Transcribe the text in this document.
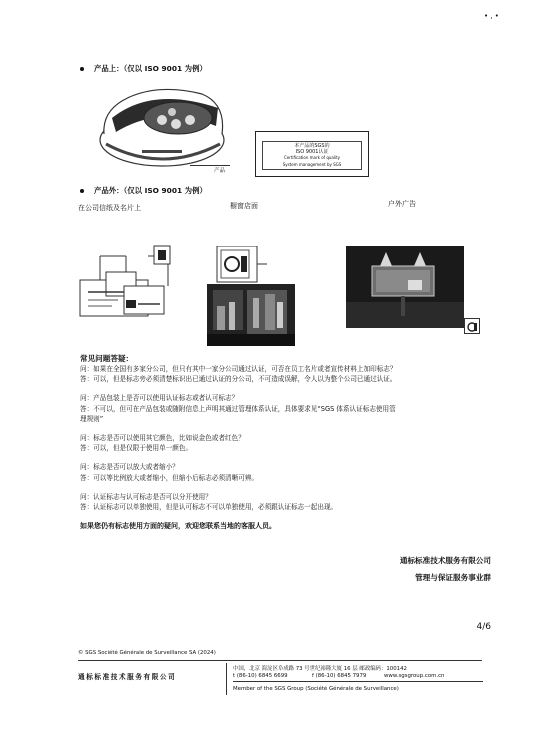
• ‚ •
产品上：（仅以 ISO 9001 为例）
产品
本产品的SGS的
ISO 9001认证
Certification mark of quality
System management by SGS
产品外：（仅以 ISO 9001 为例）
在公司信纸及名片上	橱窗店面	户外广告
常见问题答疑：
问：如果在全国有多家分公司，但只有其中一家分公司通过认证，可否在员工名片或者宣传材料上加印标志？
答：可以，但是标志旁必须清楚标识出已通过认证的分公司，不可造成误解，令人以为整个公司已通过认证。
问：产品包装上是否可以使用认证标志或者认可标志？
答：不可以，但可在产品包装或随附信息上声明其通过管理体系认证，具体要求见“SGS 体系认证标志使用管
理规则”
问：标志是否可以使用其它颜色，比如说金色或者红色？
答：可以，但是仅限于使用单一颜色。
问：标志是否可以放大或者缩小？
答：可以等比例放大或者缩小，但缩小后标志必须清晰可辨。
问：认证标志与认可标志是否可以分开使用？
答：认证标志可以单独使用，但是认可标志不可以单独使用，必须跟认证标志一起出现。
如果您仍有标志使用方面的疑问，欢迎您联系当地的客服人员。
通标标准技术服务有限公司
管理与保证服务事业群
4/6
© SGS Société Générale de Surveillance SA (2024)
通标标准技术服务有限公司
中国，北京 海淀区阜成路 73 号世纪裕隆大厦 16 层 邮政编码：100142
t (86-10) 6845 6699	f (86-10) 6845 7979	www.sgsgroup.com.cn
Member of the SGS Group (Société Générale de Surveillance)
